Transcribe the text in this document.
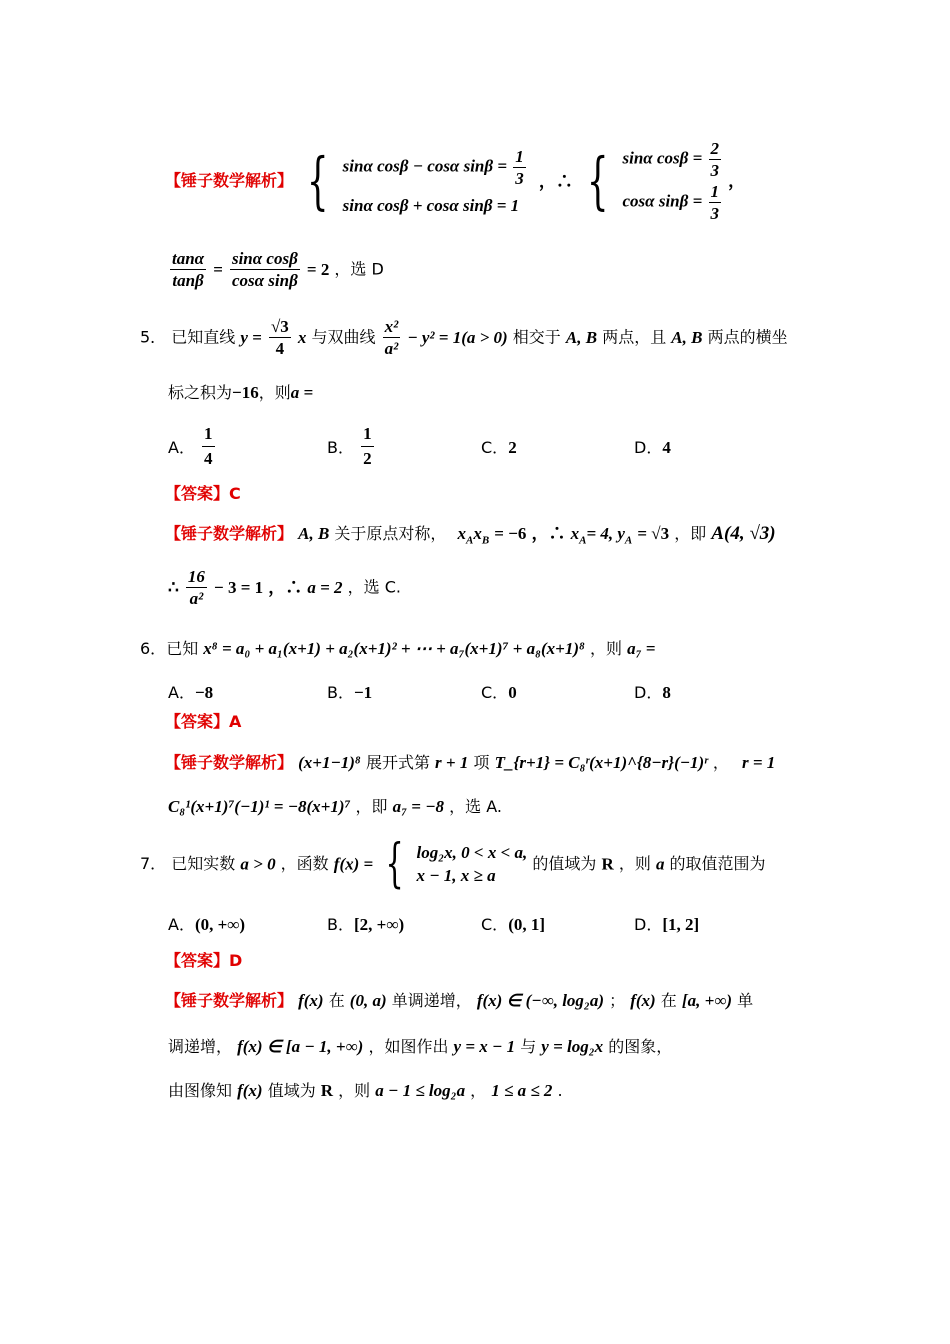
【锤子数学解析】 { sinα cosβ − cosα $\sin\beta = \frac{1}{3}$
sinα cosβ + cosα sinβ = 1
，∴ { sinα $\cos\beta = \frac{2}{3}$
cosα $\sin\beta = \frac{1}{3}$
，
$\frac{\tan\alpha}{\tan\beta} = \frac{\text{sinα cosβ}}{\text{cosα sinβ}} = 2$ ，选 D
5． 已知直线 $y = \frac{√3}{4}$ x 与双曲线 $\frac{\text{x²}}{\text{a²}} - y^2 = 1(a > 0)$ 相交于 A, B 两点，且 A, B 两点的横坐
标之积为−16，则a =
A． $\frac{1}{4}$	B． $\frac{1}{2}$	C．2	D．4
【答案】C
【锤子数学解析】 A, B 关于原点对称， $x_Ax_B = -6$ ，∴ $x_A= 4$, $y_A = √3$ ，即 A(4, √3)
∴ $\frac{16}{\text{a²}} - 3 = 1$ ，∴ a = 2 ，选 C.
6．已知 x⁸ = a₀ + a₁(x+1) + a₂(x+1)² + ⋯ + a₇(x+1)⁷ + a₈(x+1)⁸ ，则 a₇ =
A．−8	B．−1	C．0	D．8
【答案】A
【锤子数学解析】 (x+1−1)⁸ 展开式第 r + 1 项 T_{r+1} = C₈ʳ(x+1)^{8−r}(−1)ʳ ， r = 1
C₈¹(x+1)⁷(−1)¹ = −8(x+1)⁷ ，即 a₇ = −8 ，选 A.
7． 已知实数 a > 0 ，函数 f(x) = { log₂x, 0 < x < a,
x − 1, x ≥ a
的值域为 R ，则 a 的取值范围为
A．(0, +∞)	B．[2, +∞)	C．(0, 1]	D．[1, 2]
【答案】D
【锤子数学解析】 f(x) 在 (0, a) 单调递增， f(x) ∈ (−∞, log₂a) ； f(x) 在 [a, +∞) 单
调递增， f(x) ∈ [a − 1, +∞) ，如图作出 y = x − 1 与 y = log₂x 的图象，
由图像知 f(x) 值域为 R ，则 a − 1 ≤ log₂a ， 1 ≤ a ≤ 2 .
